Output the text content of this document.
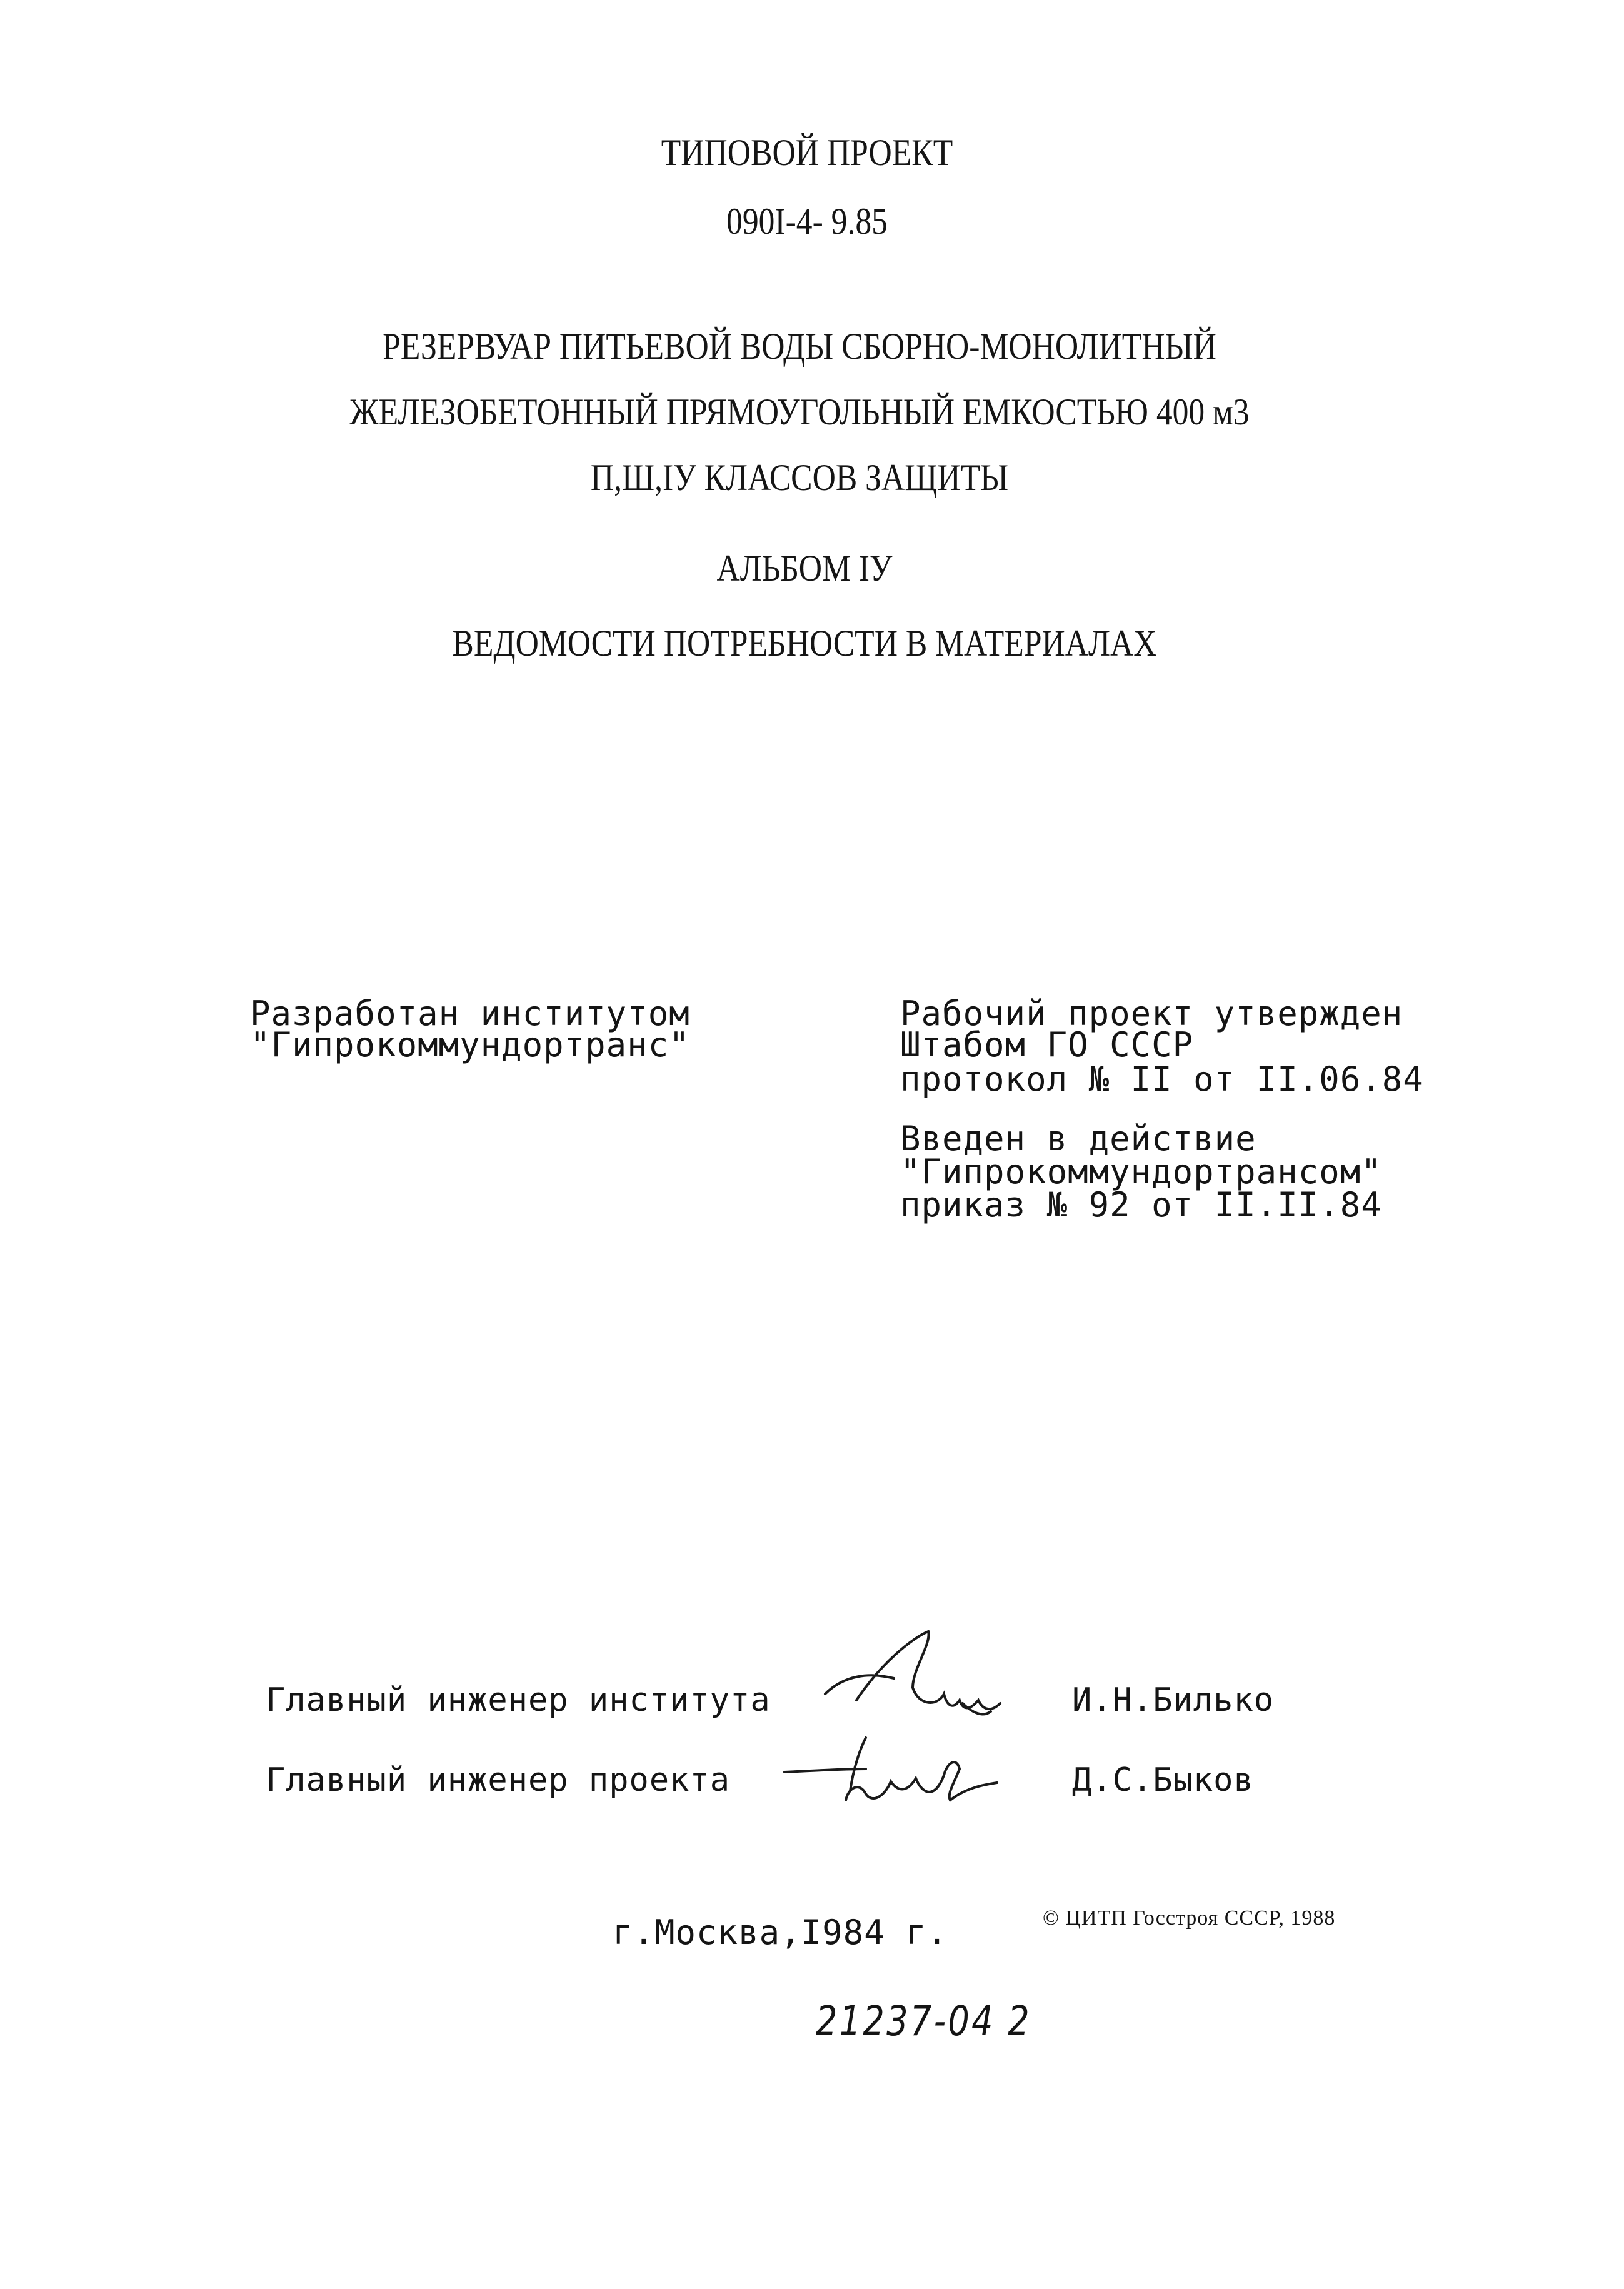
ТИПОВОЙ ПРОЕКТ
090I-4- 9.85
РЕЗЕРВУАР ПИТЬЕВОЙ ВОДЫ СБОРНО-МОНОЛИТНЫЙ
ЖЕЛЕЗОБЕТОННЫЙ ПРЯМОУГОЛЬНЫЙ ЕМКОСТЬЮ 400 м3
П,Ш,IУ КЛАССОВ ЗАЩИТЫ
АЛЬБОМ IУ
ВЕДОМОСТИ ПОТРЕБНОСТИ В МАТЕРИАЛАХ
Разработан институтом
"Гипрокоммундортранс"
Рабочий проект утвержден
Штабом ГО СССР
протокол № II от II.06.84
Введен в действие
"Гипрокоммундортрансом"
приказ № 92 от II.II.84
Главный инженер института	И.Н.Билько
Главный инженер проекта	Д.С.Быков
г.Москва,I984 г.	© ЦИТП Госстроя СССР, 1988
21237-04 2
